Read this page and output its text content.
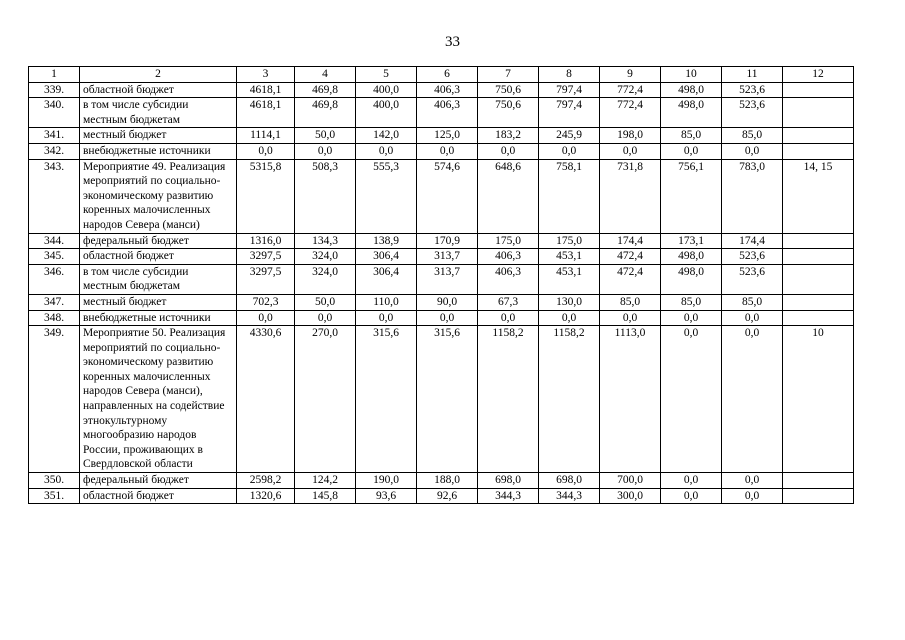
33
1	2	3	4	5	6	7	8	9	10	11	12
339.	областной бюджет	4618,1	469,8	400,0	406,3	750,6	797,4	772,4	498,0	523,6	
340.	в том числе субсидии местным бюджетам	4618,1	469,8	400,0	406,3	750,6	797,4	772,4	498,0	523,6	
341.	местный бюджет	1114,1	50,0	142,0	125,0	183,2	245,9	198,0	85,0	85,0	
342.	внебюджетные источники	0,0	0,0	0,0	0,0	0,0	0,0	0,0	0,0	0,0	
343.	Мероприятие 49. Реализация мероприятий по социально-экономическому развитию коренных малочисленных народов Севера (манси)	5315,8	508,3	555,3	574,6	648,6	758,1	731,8	756,1	783,0	14, 15
344.	федеральный бюджет	1316,0	134,3	138,9	170,9	175,0	175,0	174,4	173,1	174,4	
345.	областной бюджет	3297,5	324,0	306,4	313,7	406,3	453,1	472,4	498,0	523,6	
346.	в том числе субсидии местным бюджетам	3297,5	324,0	306,4	313,7	406,3	453,1	472,4	498,0	523,6	
347.	местный бюджет	702,3	50,0	110,0	90,0	67,3	130,0	85,0	85,0	85,0	
348.	внебюджетные источники	0,0	0,0	0,0	0,0	0,0	0,0	0,0	0,0	0,0	
349.	Мероприятие 50. Реализация мероприятий по социально-экономическому развитию коренных малочисленных народов Севера (манси), направленных на содействие этнокультурному многообразию народов России, проживающих в Свердловской области	4330,6	270,0	315,6	315,6	1158,2	1158,2	1113,0	0,0	0,0	10
350.	федеральный бюджет	2598,2	124,2	190,0	188,0	698,0	698,0	700,0	0,0	0,0	
351.	областной бюджет	1320,6	145,8	93,6	92,6	344,3	344,3	300,0	0,0	0,0	
